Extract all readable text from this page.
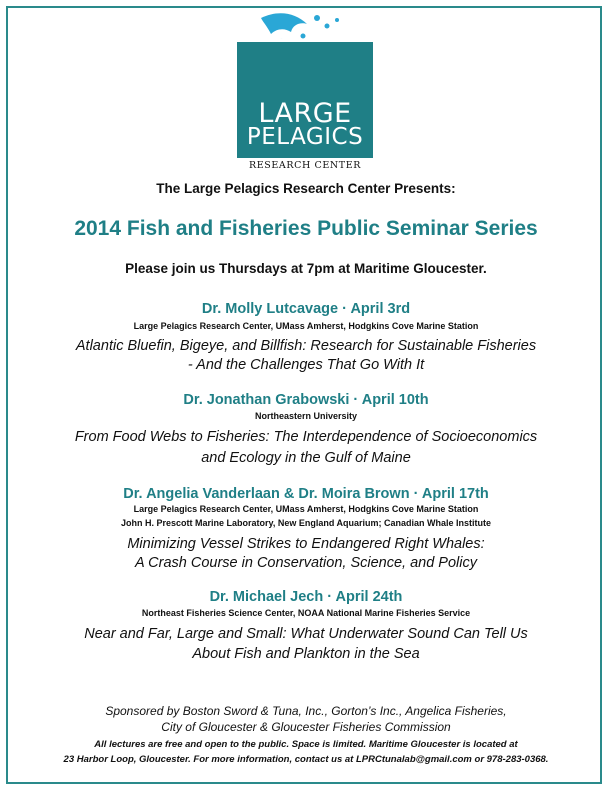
LARGE
PELAGICS
RESEARCH CENTER
The Large Pelagics Research Center Presents:
2014 Fish and Fisheries Public Seminar Series
Please join us Thursdays at 7pm at Maritime Gloucester.
Dr. Molly Lutcavage · April 3rd
Large Pelagics Research Center, UMass Amherst, Hodgkins Cove Marine Station
Atlantic Bluefin, Bigeye, and Billfish: Research for Sustainable Fisheries
- And the Challenges That Go With It
Dr. Jonathan Grabowski · April 10th
Northeastern University
From Food Webs to Fisheries: The Interdependence of Socioeconomics
and Ecology in the Gulf of Maine
Dr. Angelia Vanderlaan & Dr. Moira Brown · April 17th
Large Pelagics Research Center, UMass Amherst, Hodgkins Cove Marine Station
John H. Prescott Marine Laboratory, New England Aquarium; Canadian Whale Institute
Minimizing Vessel Strikes to Endangered Right Whales:
A Crash Course in Conservation, Science, and Policy
Dr. Michael Jech · April 24th
Northeast Fisheries Science Center, NOAA National Marine Fisheries Service
Near and Far, Large and Small: What Underwater Sound Can Tell Us
About Fish and Plankton in the Sea
Sponsored by Boston Sword & Tuna, Inc., Gorton’s Inc., Angelica Fisheries,
City of Gloucester & Gloucester Fisheries Commission
All lectures are free and open to the public. Space is limited. Maritime Gloucester is located at
23 Harbor Loop, Gloucester. For more information, contact us at LPRCtunalab@gmail.com or 978-283-0368.
